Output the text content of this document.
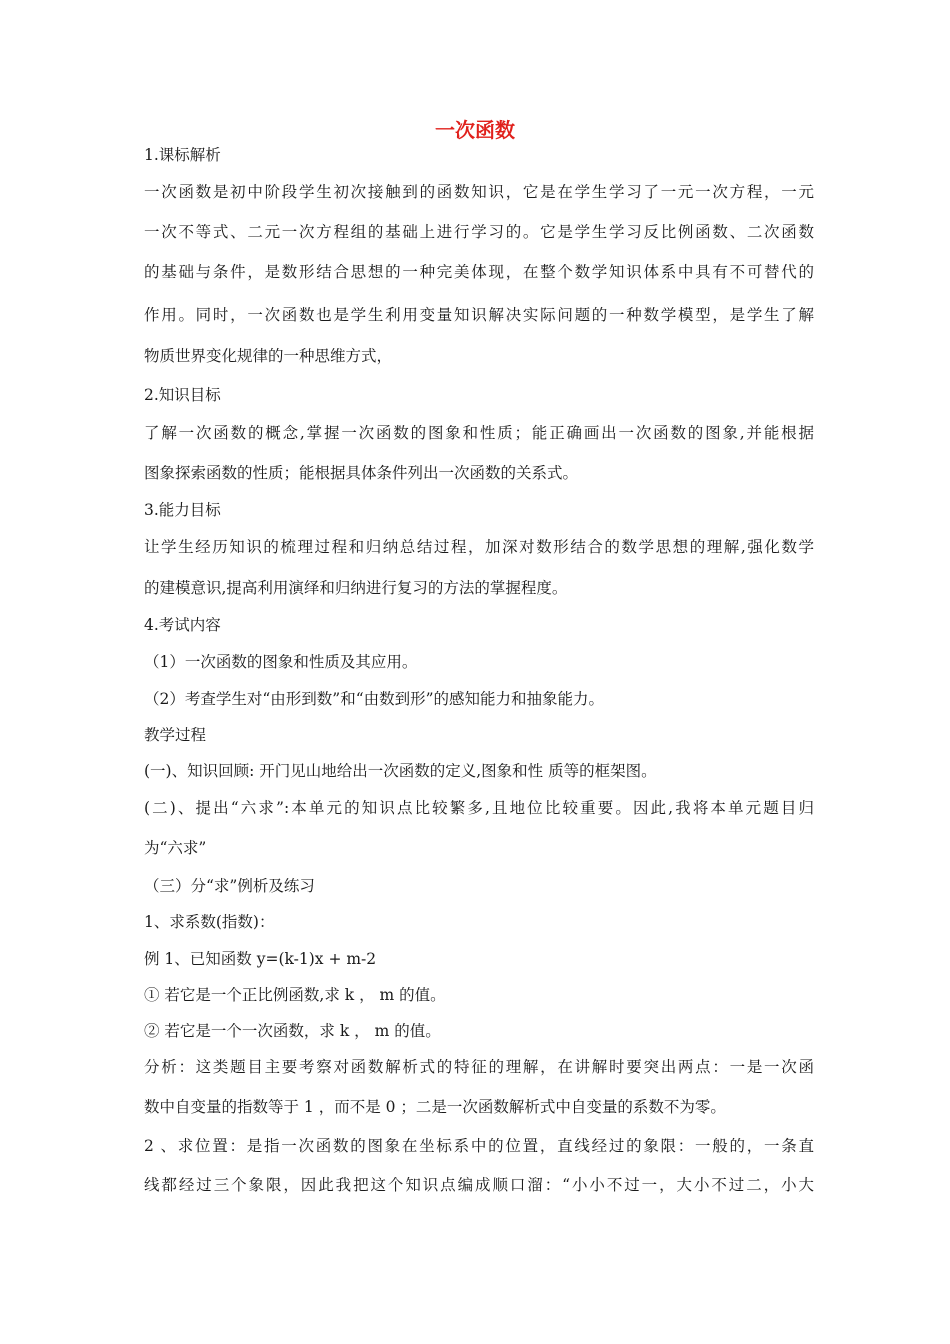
一次函数
1.课标解析
一次函数是初中阶段学生初次接触到的函数知识，它是在学生学习了一元一次方程，一元
一次不等式、二元一次方程组的基础上进行学习的。它是学生学习反比例函数、二次函数
的基础与条件，是数形结合思想的一种完美体现，在整个数学知识体系中具有不可替代的
作用。同时，一次函数也是学生利用变量知识解决实际问题的一种数学模型，是学生了解
物质世界变化规律的一种思维方式，
2.知识目标
了解一次函数的概念,掌握一次函数的图象和性质；能正确画出一次函数的图象,并能根据
图象探索函数的性质；能根据具体条件列出一次函数的关系式。
3.能力目标
让学生经历知识的梳理过程和归纳总结过程，加深对数形结合的数学思想的理解,强化数学
的建模意识,提高利用演绎和归纳进行复习的方法的掌握程度。
4.考试内容
（1）一次函数的图象和性质及其应用。
（2）考查学生对“由形到数”和“由数到形”的感知能力和抽象能力。
教学过程
(一)、知识回顾: 开门见山地给出一次函数的定义,图象和性 质等的框架图。
(二)、提出“六求”:本单元的知识点比较繁多,且地位比较重要。因此,我将本单元题目归
为“六求”
（三）分“求”例析及练习
1、求系数(指数)：
例 1、已知函数 y=(k-1)x + m-2
① 若它是一个正比例函数,求 k ， m 的值。
② 若它是一个一次函数，求 k ， m 的值。
分析：这类题目主要考察对函数解析式的特征的理解，在讲解时要突出两点：一是一次函
数中自变量的指数等于 1 ，而不是 0 ；二是一次函数解析式中自变量的系数不为零。
2 、求位置：是指一次函数的图象在坐标系中的位置，直线经过的象限：一般的，一条直
线都经过三个象限，因此我把这个知识点编成顺口溜：“小小不过一，大小不过二，小大
